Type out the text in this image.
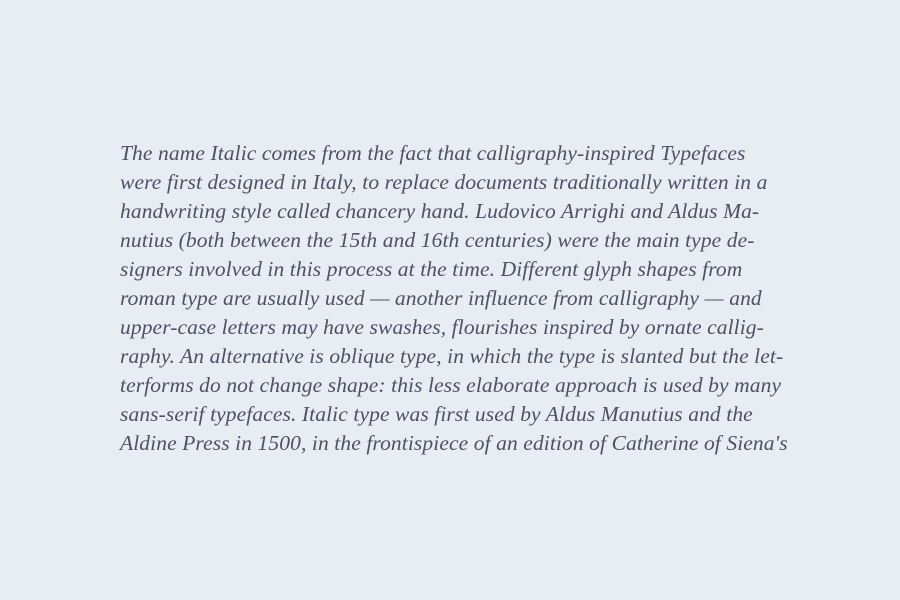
The name Italic comes from the fact that calligraphy-inspired Typefaces
were first designed in Italy, to replace documents traditionally written in a
handwriting style called chancery hand. Ludovico Arrighi and Aldus Ma-
nutius (both between the 15th and 16th centuries) were the main type de-
signers involved in this process at the time. Different glyph shapes from
roman type are usually used — another influence from calligraphy — and
upper-case letters may have swashes, flourishes inspired by ornate callig-
raphy. An alternative is oblique type, in which the type is slanted but the let-
terforms do not change shape: this less elaborate approach is used by many
sans-serif typefaces. Italic type was first used by Aldus Manutius and the
Aldine Press in 1500, in the frontispiece of an edition of Catherine of Siena's
